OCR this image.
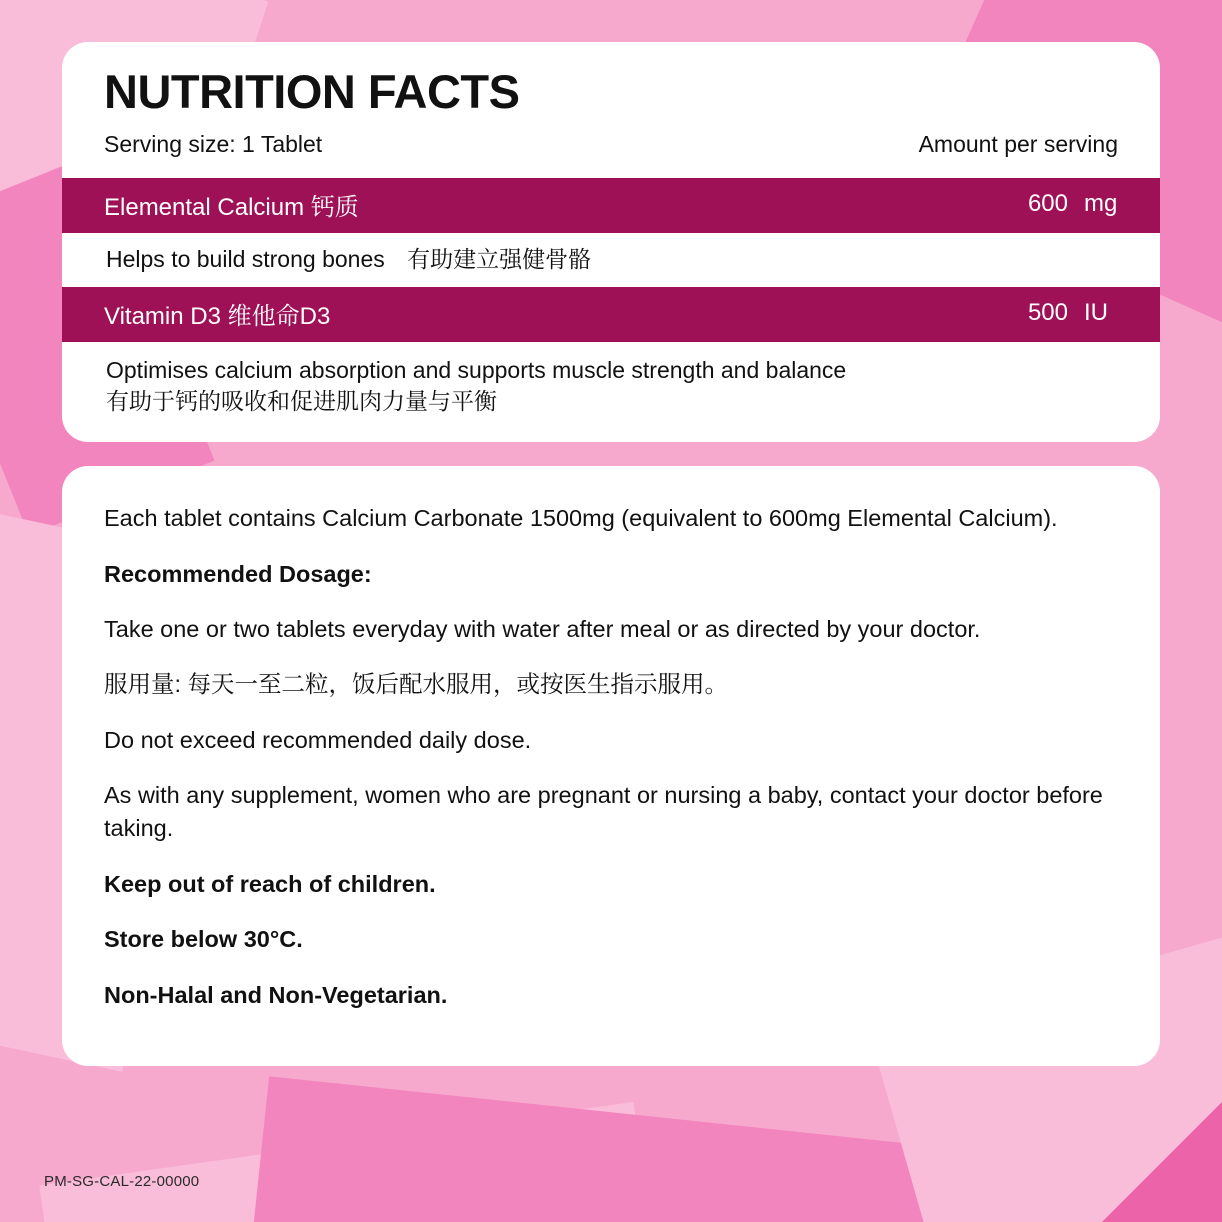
NUTRITION FACTS
Serving size: 1 Tablet	Amount per serving
Elemental Calcium 钙质	600 mg
Helps to build strong bones 有助建立强健骨骼
Vitamin D3 维他命D3	500 IU
Optimises calcium absorption and supports muscle strength and balance
有助于钙的吸收和促进肌肉力量与平衡

Each tablet contains Calcium Carbonate 1500mg (equivalent to 600mg Elemental Calcium).

Recommended Dosage:

Take one or two tablets everyday with water after meal or as directed by your doctor.

服用量: 每天一至二粒，饭后配水服用，或按医生指示服用。

Do not exceed recommended daily dose.

As with any supplement, women who are pregnant or nursing a baby, contact your doctor before taking.

Keep out of reach of children.

Store below 30°C.

Non-Halal and Non-Vegetarian.

PM-SG-CAL-22-00000
